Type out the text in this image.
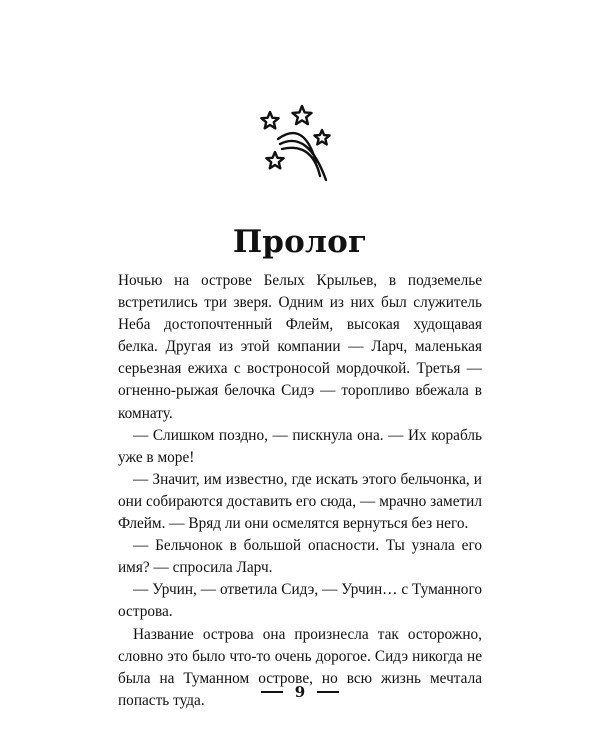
Пролог

Ночью на острове Белых Крыльев, в подземелье встретились три зверя. Одним из них был служитель Неба достопочтенный Флейм, высокая худощавая белка. Другая из этой компании — Ларч, маленькая серьезная ежиха с востроносой мордочкой. Третья — огненно-рыжая белочка Сидэ — торопливо вбежала в комнату.

— Слишком поздно, — пискнула она. — Их корабль уже в море!

— Значит, им известно, где искать этого бельчонка, и они собираются доставить его сюда, — мрачно заметил Флейм. — Вряд ли они осмелятся вернуться без него.

— Бельчонок в большой опасности. Ты узнала его имя? — спросила Ларч.

— Урчин, — ответила Сидэ, — Урчин… с Туманного острова.

Название острова она произнесла так осторожно, словно это было что-то очень дорогое. Сидэ никогда не была на Туманном острове, но всю жизнь мечтала попасть туда.	9
